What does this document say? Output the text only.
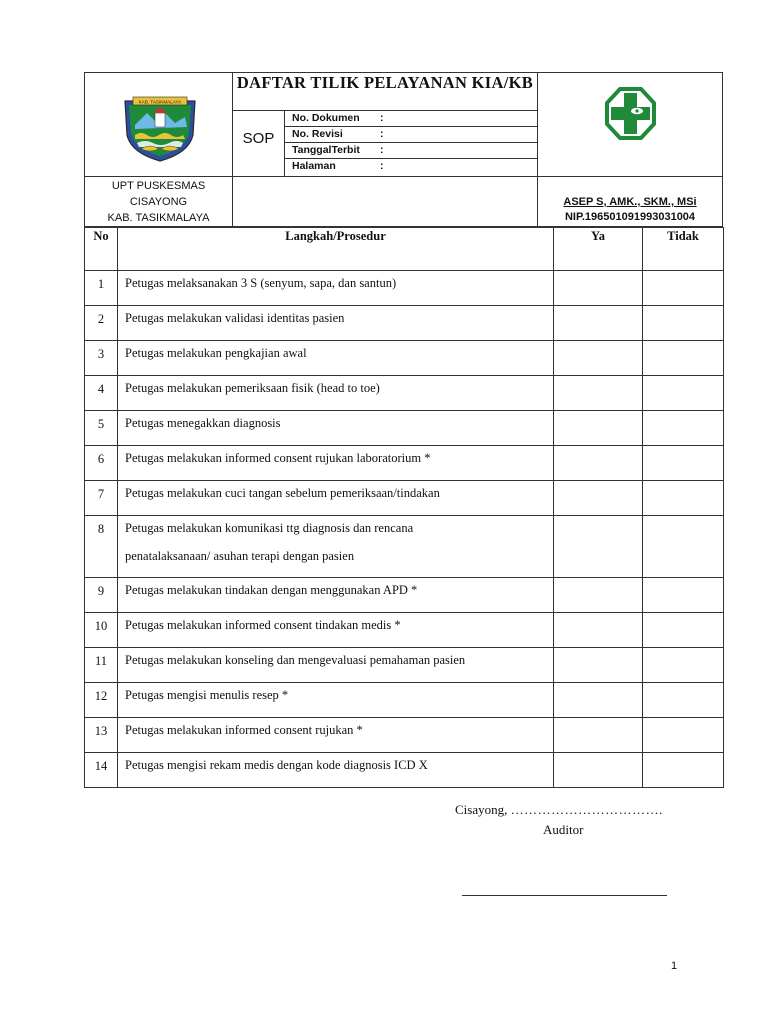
KAB. TASIKMALAYA
DAFTAR TILIK PELAYANAN KIA/KB
SOP
No. Dokumen :
No. Revisi	:
TanggalTerbit :
Halaman	:
UPT PUSKESMAS
CISAYONG
KAB. TASIKMALAYA
ASEP S, AMK., SKM., MSi
NIP.196501091993031004
No	Langkah/Prosedur	Ya	Tidak
1	Petugas melaksanakan 3 S (senyum, sapa, dan santun)		

2	Petugas melakukan validasi identitas pasien		

3	Petugas melakukan pengkajian awal		

4	Petugas melakukan pemeriksaan fisik (head to toe)		

5	Petugas menegakkan diagnosis		

6	Petugas melakukan informed consent rujukan laboratorium *		

7	Petugas melakukan cuci tangan sebelum pemeriksaan/tindakan		

8	Petugas melakukan komunikasi ttg diagnosis dan rencana
penatalaksanaan/ asuhan terapi dengan pasien		

9	Petugas melakukan tindakan dengan menggunakan APD *		

10	Petugas melakukan informed consent tindakan medis *		

11	Petugas melakukan konseling dan mengevaluasi pemahaman pasien		

12	Petugas mengisi menulis resep *		

13	Petugas melakukan informed consent rujukan *		

14	Petugas mengisi rekam medis dengan kode diagnosis ICD X		

Cisayong, …………………………….
Auditor
1
